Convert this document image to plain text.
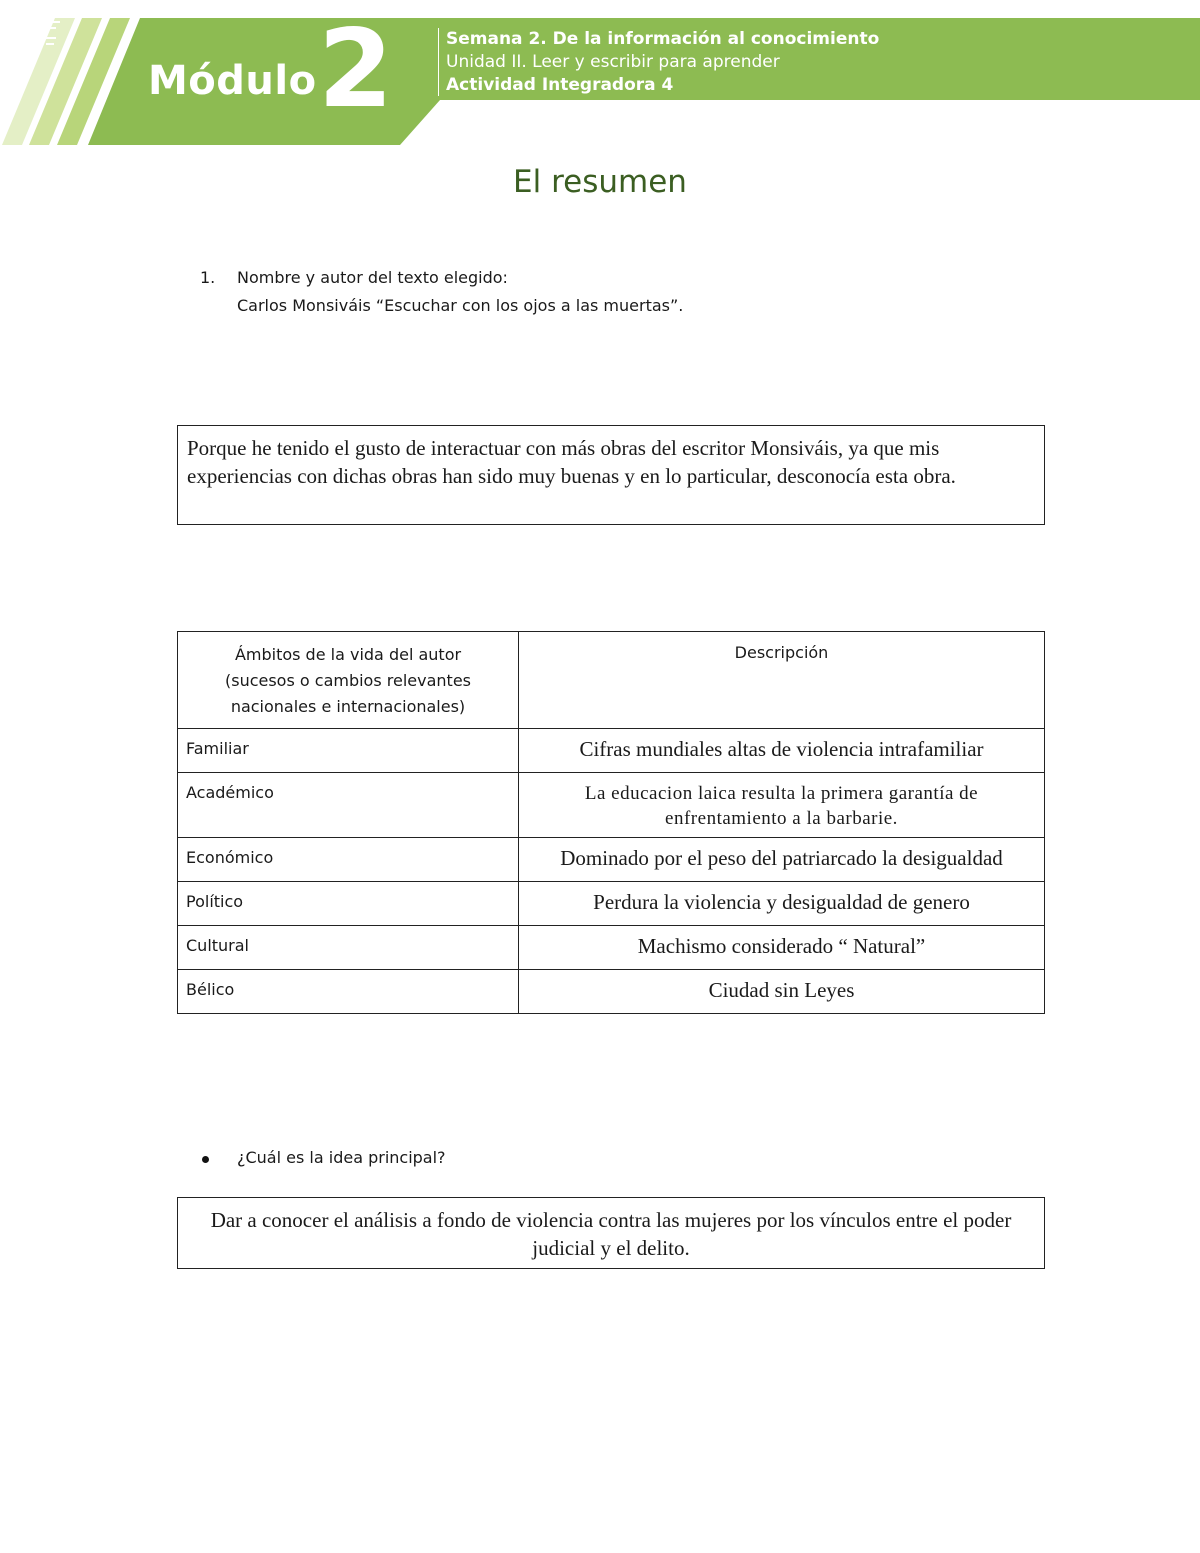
Módulo 2	Semana 2. De la información al conocimiento
Unidad II. Leer y escribir para aprender
Actividad Integradora 4
El resumen
1. Nombre y autor del texto elegido:
Carlos Monsiváis “Escuchar con los ojos a las muertas”.
Porque he tenido el gusto de interactuar con más obras del escritor Monsiváis, ya que mis experiencias con dichas obras han sido muy buenas y en lo particular, desconocía esta obra.
Ámbitos de la vida del autor
(sucesos o cambios relevantes
nacionales e internacionales)	Descripción
Familiar	Cifras mundiales altas de violencia intrafamiliar
Académico	La educacion laica resulta la primera garantía de enfrentamiento a la barbarie.
Económico	Dominado por el peso del patriarcado la desigualdad
Político	Perdura la violencia y desigualdad de genero
Cultural	Machismo considerado “ Natural”
Bélico	Ciudad sin Leyes
¿Cuál es la idea principal?
Dar a conocer el análisis a fondo de violencia contra las mujeres por los vínculos entre el poder judicial y el delito.
